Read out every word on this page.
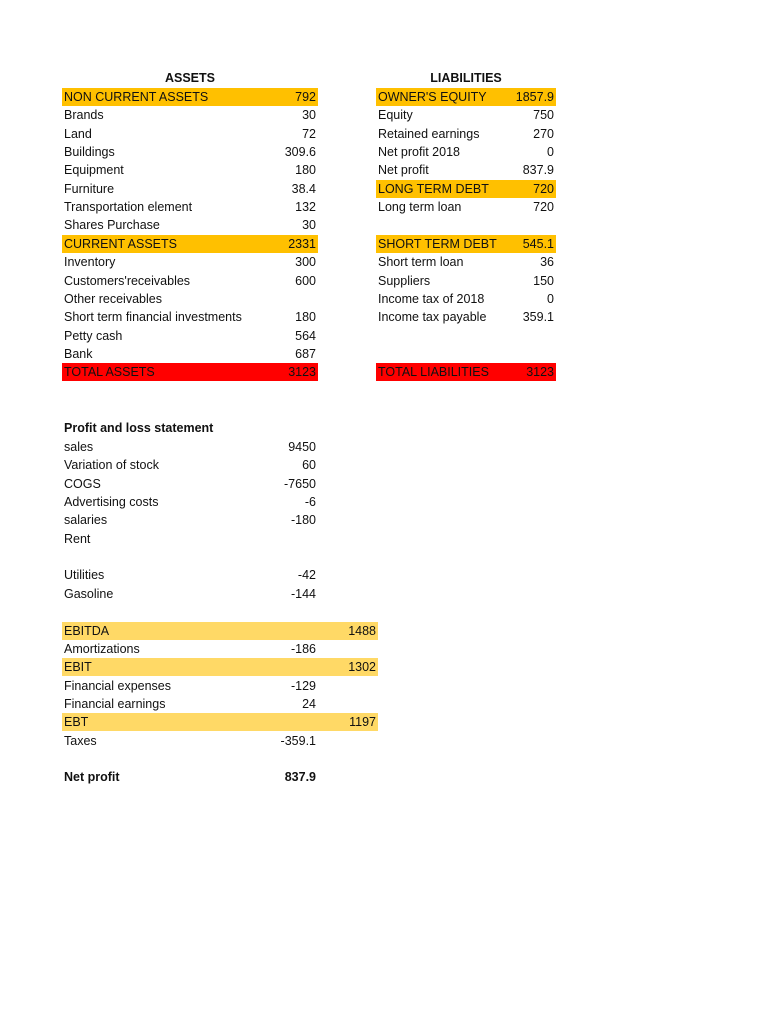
ASSETS	LIABILITIES
NON CURRENT ASSETS	792
Brands	30
Land	72
Buildings	309.6
Equipment	180
Furniture	38.4
Transportation element	132
Shares Purchase	30
CURRENT ASSETS	2331
Inventory	300
Customers'receivables	600
Other receivables
Short term financial investments	180
Petty cash	564
Bank	687
TOTAL ASSETS	3123
OWNER'S EQUITY 1857.9
Equity	750
Retained earnings	270
Net profit 2018	0
Net profit	837.9
LONG TERM DEBT	720
Long term loan	720
SHORT TERM DEBT 545.1
Short term loan	36
Suppliers	150
Income tax of 2018	0
Income tax payable	359.1
TOTAL LIABILITIES	3123
Profit and loss statement
sales	9450
Variation of stock	60
COGS	-7650
Advertising costs	-6
salaries	-180
Rent
Utilities	-42
Gasoline	-144
EBITDA	1488
Amortizations	-186
EBIT	1302
Financial expenses	-129
Financial earnings	24
EBT	1197
Taxes	-359.1
Net profit	837.9
